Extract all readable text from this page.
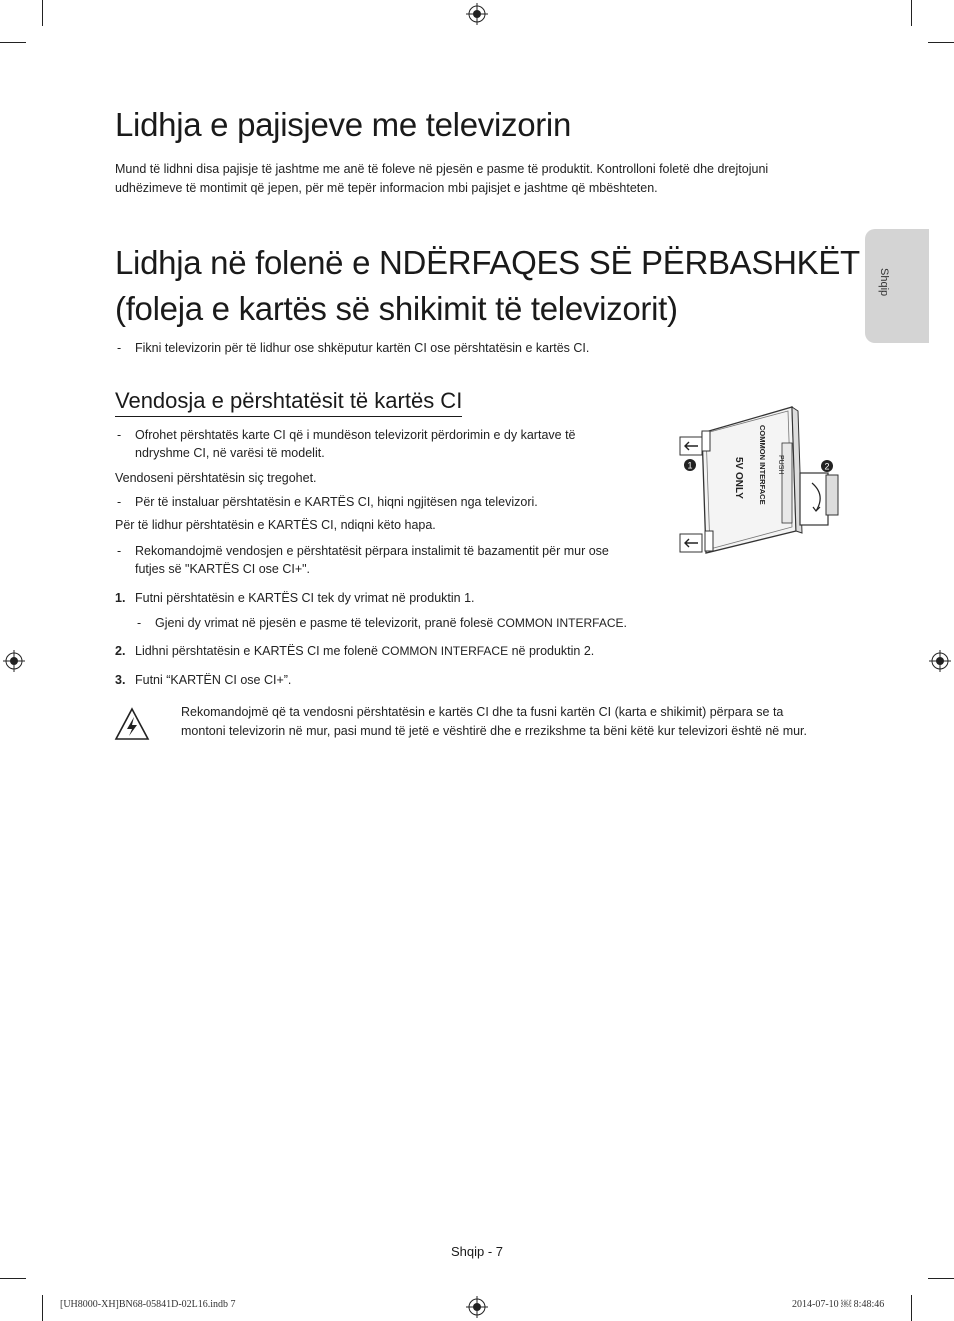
Shqip
Lidhja e pajisjeve me televizorin
Mund të lidhni disa pajisje të jashtme me anë të foleve në pjesën e pasme të produktit. Kontrolloni foletë dhe drejtojuni udhëzimeve të montimit që jepen, për më tepër informacion mbi pajisjet e jashtme që mbështeten.
Lidhja në folenë e NDËRFAQES SË PËRBASHKËT
(foleja e kartës së shikimit të televizorit)
- Fikni televizorin për të lidhur ose shkëputur kartën CI ose përshtatësin e kartës CI.
Vendosja e përshtatësit të kartës CI
- Ofrohet përshtatës karte CI që i mundëson televizorit përdorimin e dy kartave të
ndryshme CI, në varësi të modelit.
Vendoseni përshtatësin siç tregohet.
- Për të instaluar përshtatësin e KARTËS CI, hiqni ngjitësen nga televizori.
Për të lidhur përshtatësin e KARTËS CI, ndiqni këto hapa.
- Rekomandojmë vendosjen e përshtatësit përpara instalimit të bazamentit për mur ose
futjes së "KARTËS CI ose CI+".
1. Futni përshtatësin e KARTËS CI tek dy vrimat në produktin 1.
- Gjeni dy vrimat në pjesën e pasme të televizorit, pranë folesë COMMON INTERFACE.
2. Lidhni përshtatësin e KARTËS CI me folenë COMMON INTERFACE në produktin 2.
3. Futni “KARTËN CI ose CI+”.
Rekomandojmë që ta vendosni përshtatësin e kartës CI dhe ta fusni kartën CI (karta e shikimit) përpara se ta montoni televizorin në mur, pasi mund të jetë e vështirë dhe e rrezikshme ta bëni këtë kur televizori është në mur.
1	2
COMMON INTERFACE
5V ONLY	PUSH
Shqip - 7
[UH8000-XH]BN68-05841D-02L16.indb 7	2014-07-10 ￼ 8:48:46
